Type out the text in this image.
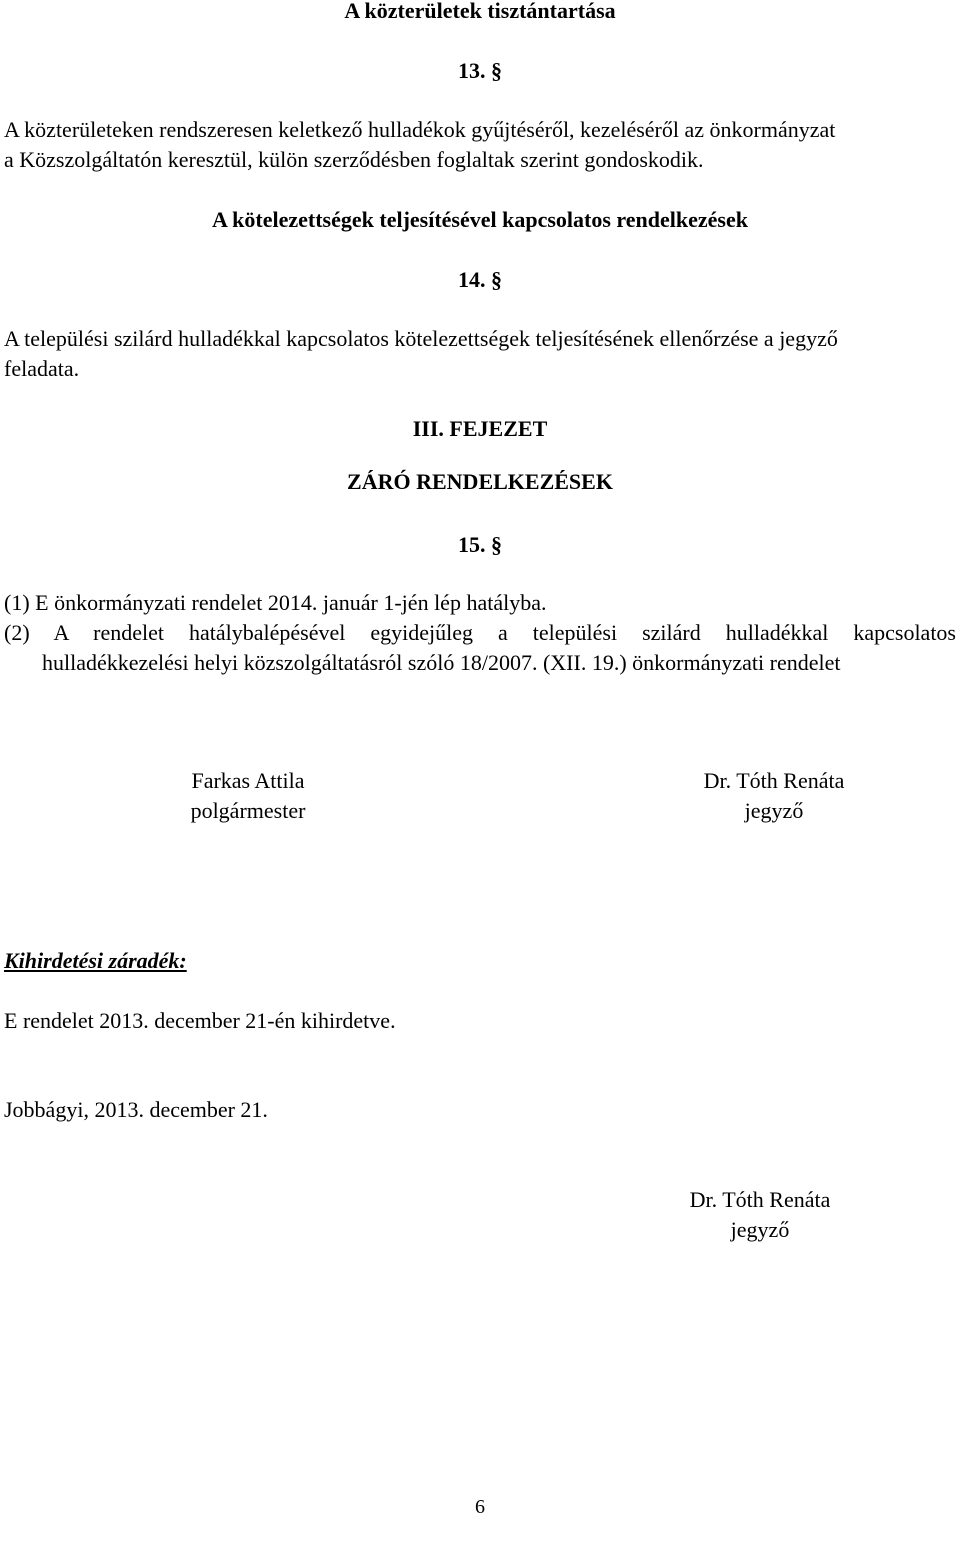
A közterületek tisztántartása
13. §
A közterületeken rendszeresen keletkező hulladékok gyűjtéséről, kezeléséről az önkormányzat
a Közszolgáltatón keresztül, külön szerződésben foglaltak szerint gondoskodik.
A kötelezettségek teljesítésével kapcsolatos rendelkezések
14. §
A települési szilárd hulladékkal kapcsolatos kötelezettségek teljesítésének ellenőrzése a jegyző
feladata.
III. FEJEZET
ZÁRÓ RENDELKEZÉSEK
15. §
(1) E önkormányzati rendelet 2014. január 1-jén lép hatályba.
(2) A rendelet hatálybalépésével egyidejűleg a települési szilárd hulladékkal kapcsolatos
hulladékkezelési helyi közszolgáltatásról szóló 18/2007. (XII. 19.) önkormányzati rendelet
Farkas Attila
polgármester
Dr. Tóth Renáta
jegyző
Kihirdetési záradék:
E rendelet 2013. december 21-én kihirdetve.
Jobbágyi, 2013. december 21.
Dr. Tóth Renáta
jegyző
6
